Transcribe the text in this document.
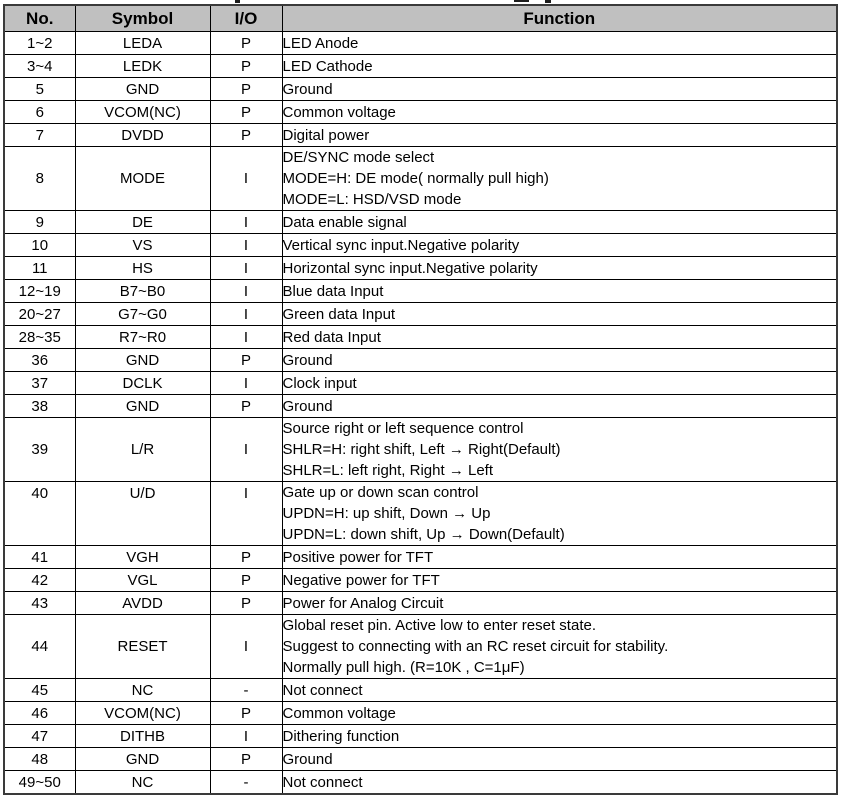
No.	Symbol	I/O	Function
1~2	LEDA	P	LED Anode

3~4	LEDK	P	LED Cathode

5	GND	P	Ground

6	VCOM(NC)	P	Common voltage

7	DVDD	P	Digital power

8	MODE	I	DE/SYNC mode select
MODE=H: DE mode( normally pull high)
MODE=L: HSD/VSD mode

9	DE	I	Data enable signal

10	VS	I	Vertical sync input.Negative polarity

11	HS	I	Horizontal sync input.Negative polarity

12~19	B7~B0	I	Blue data Input

20~27	G7~G0	I	Green data Input

28~35	R7~R0	I	Red data Input

36	GND	P	Ground

37	DCLK	I	Clock input

38	GND	P	Ground

39	L/R	I	Source right or left sequence control
SHLR=H: right shift, Left → Right(Default)
SHLR=L: left right, Right → Left

40	U/D	I	Gate up or down scan control
UPDN=H: up shift, Down → Up
UPDN=L: down shift, Up → Down(Default)

41	VGH	P	Positive power for TFT

42	VGL	P	Negative power for TFT

43	AVDD	P	Power for Analog Circuit

44	RESET	I	Global reset pin. Active low to enter reset state.
Suggest to connecting with an RC reset circuit for stability.
Normally pull high. (R=10K , C=1μF)

45	NC	-	Not connect

46	VCOM(NC)	P	Common voltage

47	DITHB	I	Dithering function

48	GND	P	Ground

49~50	NC	-	Not connect
